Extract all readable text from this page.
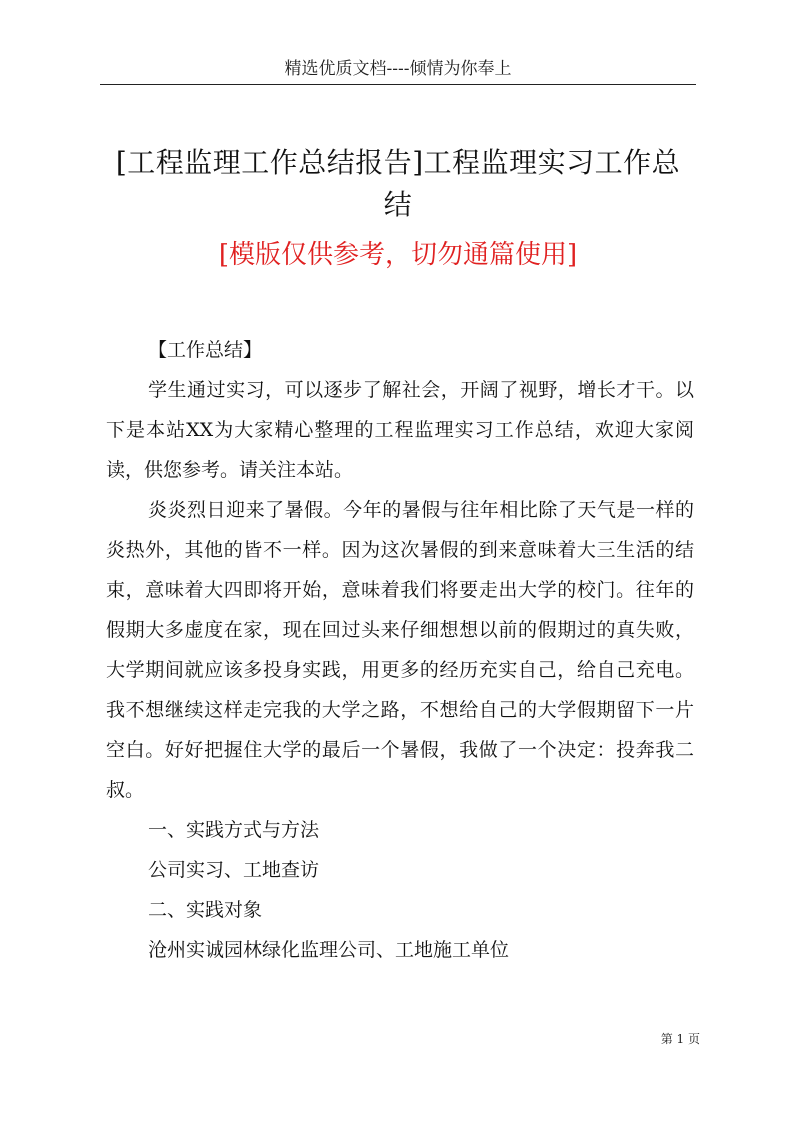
精选优质文档----倾情为你奉上
[工程监理工作总结报告]工程监理实习工作总
结
[模版仅供参考，切勿通篇使用]

【工作总结】

学生通过实习，可以逐步了解社会，开阔了视野，增长才干。以下是本站XX为大家精心整理的工程监理实习工作总结，欢迎大家阅读，供您参考。请关注本站。

炎炎烈日迎来了暑假。今年的暑假与往年相比除了天气是一样的炎热外，其他的皆不一样。因为这次暑假的到来意味着大三生活的结束，意味着大四即将开始，意味着我们将要走出大学的校门。往年的假期大多虚度在家，现在回过头来仔细想想以前的假期过的真失败，大学期间就应该多投身实践，用更多的经历充实自己，给自己充电。我不想继续这样走完我的大学之路，不想给自己的大学假期留下一片空白。好好把握住大学的最后一个暑假，我做了一个决定：投奔我二叔。

一、实践方式与方法

公司实习、工地查访

二、实践对象

沧州实诚园林绿化监理公司、工地施工单位

第 1 页
